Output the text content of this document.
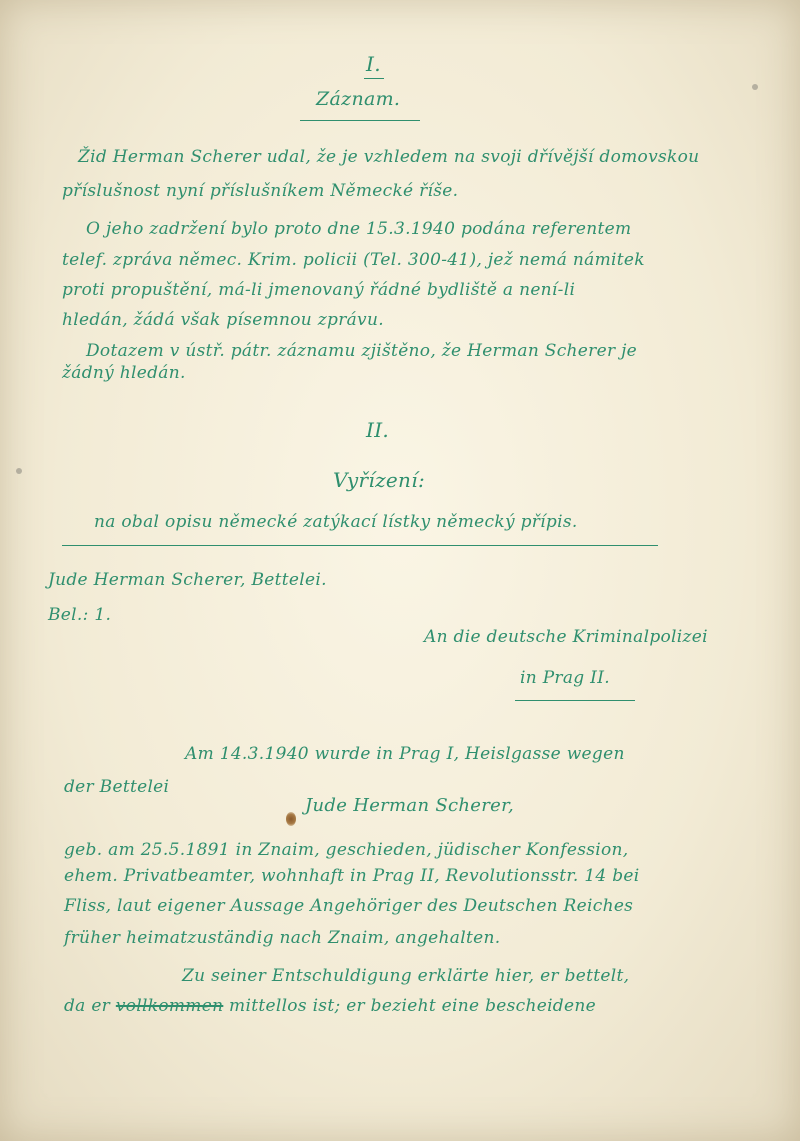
I.
Záznam.
Žid Herman Scherer udal, že je vzhledem na svoji dřívější domovskou
příslušnost nyní příslušníkem Německé říše.
O jeho zadržení bylo proto dne 15.3.1940 podána referentem
telef. zpráva němec. Krim. policii (Tel. 300-41), jež nemá námitek
proti propuštění, má-li jmenovaný řádné bydliště a není-li
hledán, žádá však písemnou zprávu.
Dotazem v ústř. pátr. záznamu zjištěno, že Herman Scherer je
žádný hledán.
II.
Vyřízení:
na obal opisu německé zatýkací lístky německý přípis.
Jude Herman Scherer, Bettelei.
Bel.: 1.
An die deutsche Kriminalpolizei
in Prag II.
Am 14.3.1940 wurde in Prag I, Heislgasse wegen
der Bettelei
Jude Herman Scherer,
geb. am 25.5.1891 in Znaim, geschieden, jüdischer Konfession,
ehem. Privatbeamter, wohnhaft in Prag II, Revolutionsstr. 14 bei
Fliss, laut eigener Aussage Angehöriger des Deutschen Reiches
früher heimatzuständig nach Znaim, angehalten.
Zu seiner Entschuldigung erklärte hier, er bettelt,
da er vollkommen mittellos ist; er bezieht eine bescheidene
